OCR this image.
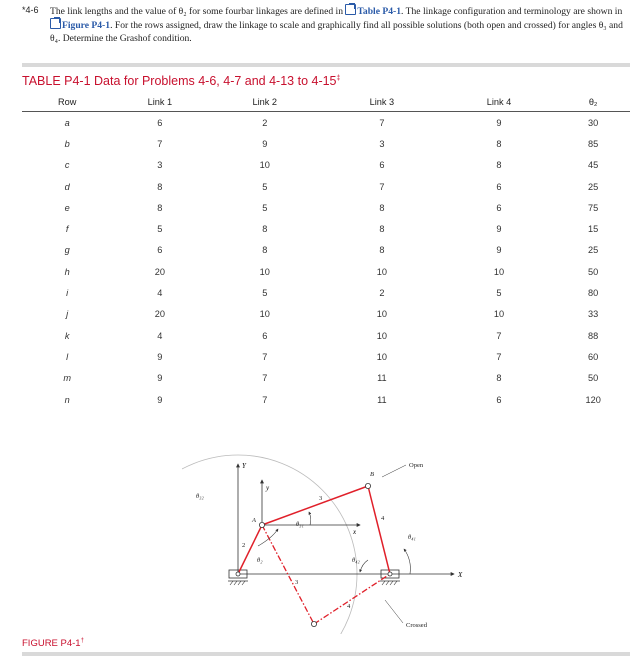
*4-6 The link lengths and the value of θ₂ for some fourbar linkages are defined in Table P4-1. The linkage configuration and terminology are shown in Figure P4-1. For the rows assigned, draw the linkage to scale and graphically find all possible solutions (both open and crossed) for angles θ₃ and θ₄. Determine the Grashof condition.
TABLE P4-1 Data for Problems 4-6, 4-7 and 4-13 to 4-15‡
Row	Link 1	Link 2	Link 3	Link 4	θ₂
a	6	2	7	9	30
b	7	9	3	8	85
c	3	10	6	8	45
d	8	5	7	6	25
e	8	5	8	6	75
f	5	8	8	9	15
g	6	8	8	9	25
h	20	10	10	10	50
i	4	5	2	5	80
j	20	10	10	10	33
k	4	6	10	7	88
l	9	7	10	7	60
m	9	7	11	8	50
n	9	7	11	6	120
Y
X
y
x
A
B
2
3
4
3
4
θ₂
θ₃₁
θ₃₂
θ₄₁
θ₄₂
Open
Crossed
FIGURE P4-1†
